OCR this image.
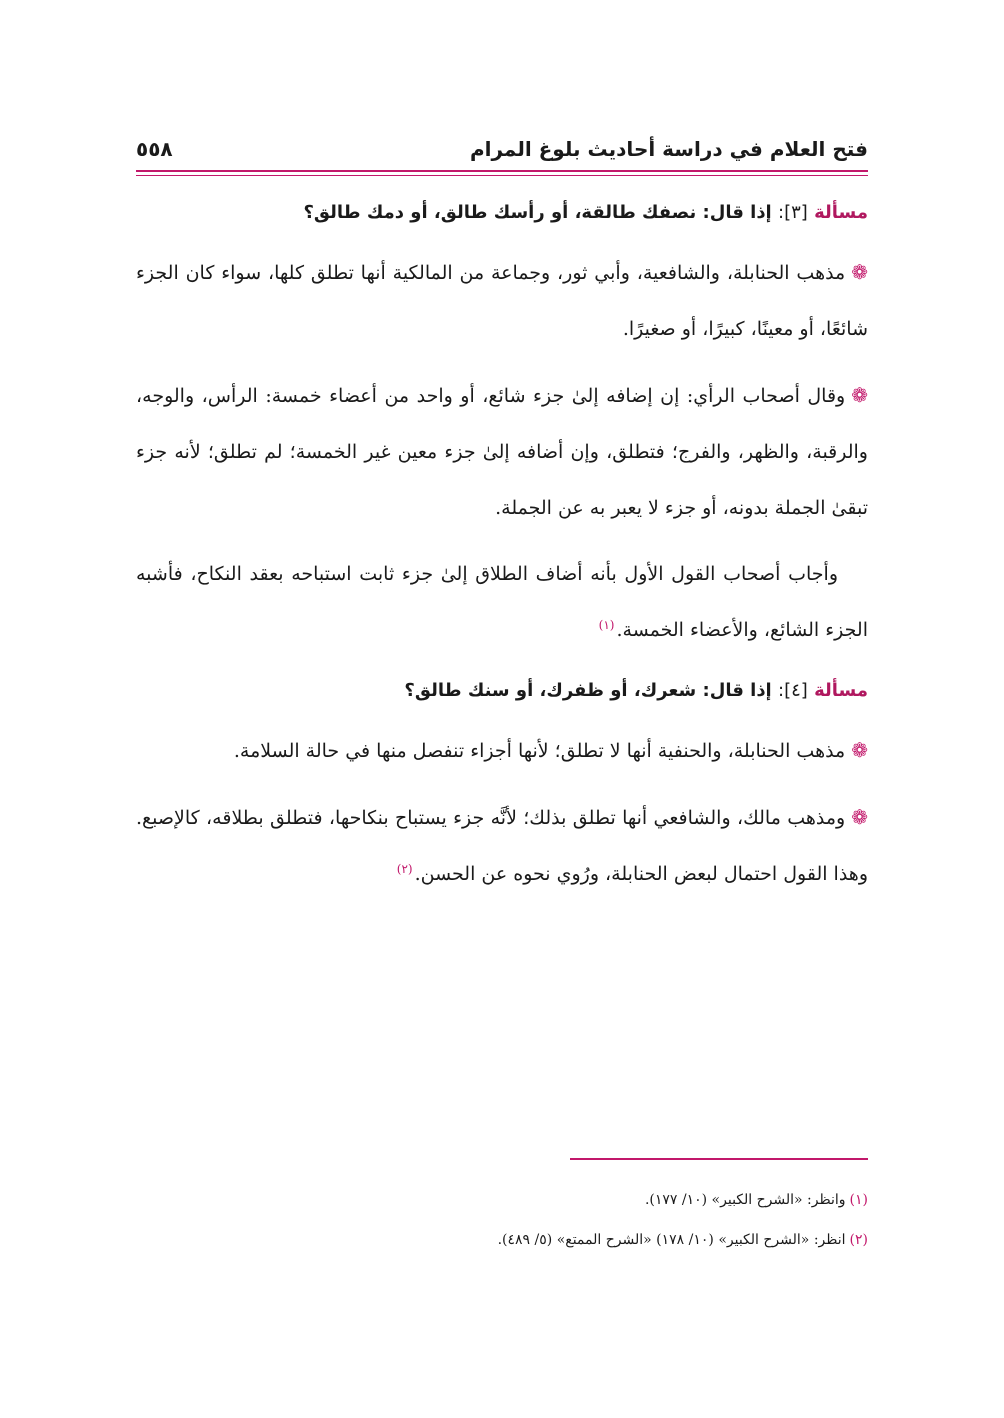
فتح العلام في دراسة أحاديث بلوغ المرام
٥٥٨
مسألة [٣]: إذا قال: نصفك طالقة، أو رأسك طالق، أو دمك طالق؟

❁مذهب الحنابلة، والشافعية، وأبي ثور، وجماعة من المالكية أنها تطلق كلها، سواء كان الجزء شائعًا، أو معينًا، كبيرًا، أو صغيرًا.

❁وقال أصحاب الرأي: إن إضافه إلىٰ جزء شائع، أو واحد من أعضاء خمسة: الرأس، والوجه، والرقبة، والظهر، والفرج؛ فتطلق، وإن أضافه إلىٰ جزء معين غير الخمسة؛ لم تطلق؛ لأنه جزء تبقىٰ الجملة بدونه، أو جزء لا يعبر به عن الجملة.

وأجاب أصحاب القول الأول بأنه أضاف الطلاق إلىٰ جزء ثابت استباحه بعقد النكاح، فأشبه الجزء الشائع، والأعضاء الخمسة.$^{(١)}$

مسألة [٤]: إذا قال: شعرك، أو ظفرك، أو سنك طالق؟

❁مذهب الحنابلة، والحنفية أنها لا تطلق؛ لأنها أجزاء تنفصل منها في حالة السلامة.

❁ومذهب مالك، والشافعي أنها تطلق بذلك؛ لأنَّه جزء يستباح بنكاحها، فتطلق بطلاقه، كالإصبع. وهذا القول احتمال لبعض الحنابلة، ورُوي نحوه عن الحسن.$^{(٢)}$

(١)وانظر: «الشرح الكبير» (١٠/ ١٧٧).
(٢)انظر: «الشرح الكبير» (١٠/ ١٧٨) «الشرح الممتع» (٥/ ٤٨٩).
